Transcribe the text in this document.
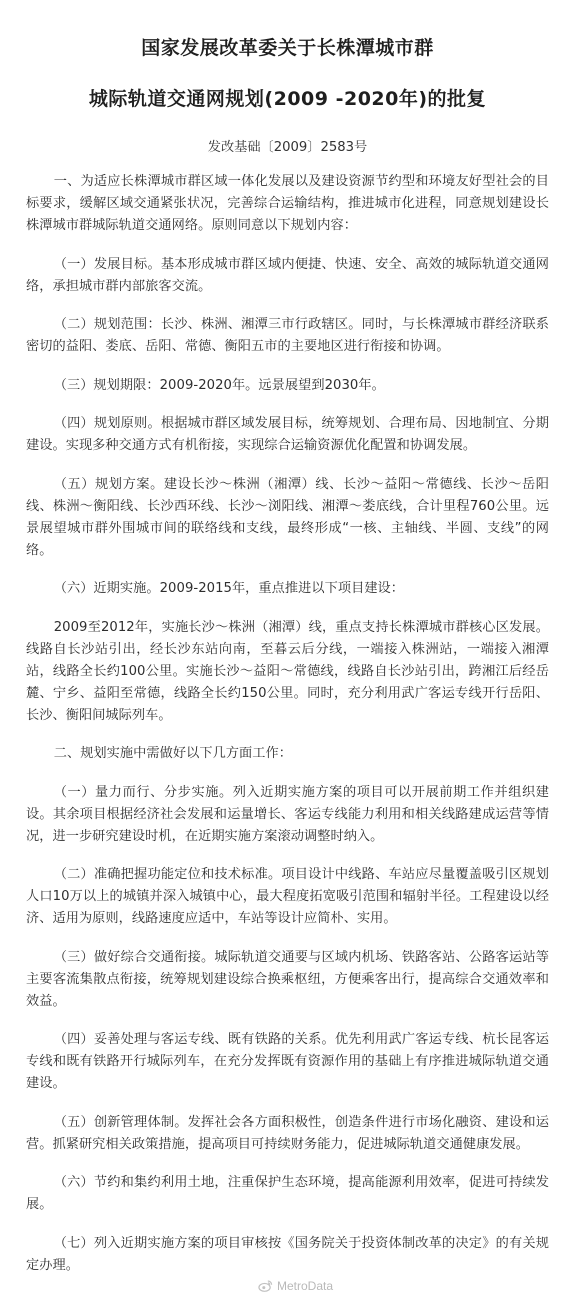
国家发展改革委关于长株潭城市群
城际轨道交通网规划(2009 -2020年)的批复

发改基础〔2009〕2583号

一、为适应长株潭城市群区域一体化发展以及建设资源节约型和环境友好型社会的目标要求，缓解区域交通紧张状况，完善综合运输结构，推进城市化进程，同意规划建设长株潭城市群城际轨道交通网络。原则同意以下规划内容：

（一）发展目标。基本形成城市群区域内便捷、快速、安全、高效的城际轨道交通网络，承担城市群内部旅客交流。

（二）规划范围：长沙、株洲、湘潭三市行政辖区。同时，与长株潭城市群经济联系密切的益阳、娄底、岳阳、常德、衡阳五市的主要地区进行衔接和协调。

（三）规划期限：2009-2020年。远景展望到2030年。

（四）规划原则。根据城市群区域发展目标，统筹规划、合理布局、因地制宜、分期建设。实现多种交通方式有机衔接，实现综合运输资源优化配置和协调发展。

（五）规划方案。建设长沙～株洲（湘潭）线、长沙～益阳～常德线、长沙～岳阳线、株洲～衡阳线、长沙西环线、长沙～浏阳线、湘潭～娄底线，合计里程760公里。远景展望城市群外围城市间的联络线和支线，最终形成“一核、主轴线、半圆、支线”的网络。

（六）近期实施。2009-2015年，重点推进以下项目建设：

2009至2012年，实施长沙～株洲（湘潭）线，重点支持长株潭城市群核心区发展。线路自长沙站引出，经长沙东站向南，至暮云后分线，一端接入株洲站，一端接入湘潭站，线路全长约100公里。实施长沙～益阳～常德线，线路自长沙站引出，跨湘江后经岳麓、宁乡、益阳至常德，线路全长约150公里。同时，充分利用武广客运专线开行岳阳、长沙、衡阳间城际列车。

二、规划实施中需做好以下几方面工作：

（一）量力而行、分步实施。列入近期实施方案的项目可以开展前期工作并组织建设。其余项目根据经济社会发展和运量增长、客运专线能力利用和相关线路建成运营等情况，进一步研究建设时机，在近期实施方案滚动调整时纳入。

（二）准确把握功能定位和技术标准。项目设计中线路、车站应尽量覆盖吸引区规划人口10万以上的城镇并深入城镇中心，最大程度拓宽吸引范围和辐射半径。工程建设以经济、适用为原则，线路速度应适中，车站等设计应简朴、实用。

（三）做好综合交通衔接。城际轨道交通要与区域内机场、铁路客站、公路客运站等主要客流集散点衔接，统筹规划建设综合换乘枢纽，方便乘客出行，提高综合交通效率和效益。

（四）妥善处理与客运专线、既有铁路的关系。优先利用武广客运专线、杭长昆客运专线和既有铁路开行城际列车，在充分发挥既有资源作用的基础上有序推进城际轨道交通建设。

（五）创新管理体制。发挥社会各方面积极性，创造条件进行市场化融资、建设和运营。抓紧研究相关政策措施，提高项目可持续财务能力，促进城际轨道交通健康发展。

（六）节约和集约利用土地，注重保护生态环境，提高能源利用效率，促进可持续发展。

（七）列入近期实施方案的项目审核按《国务院关于投资体制改革的决定》的有关规定办理。

MetroData
